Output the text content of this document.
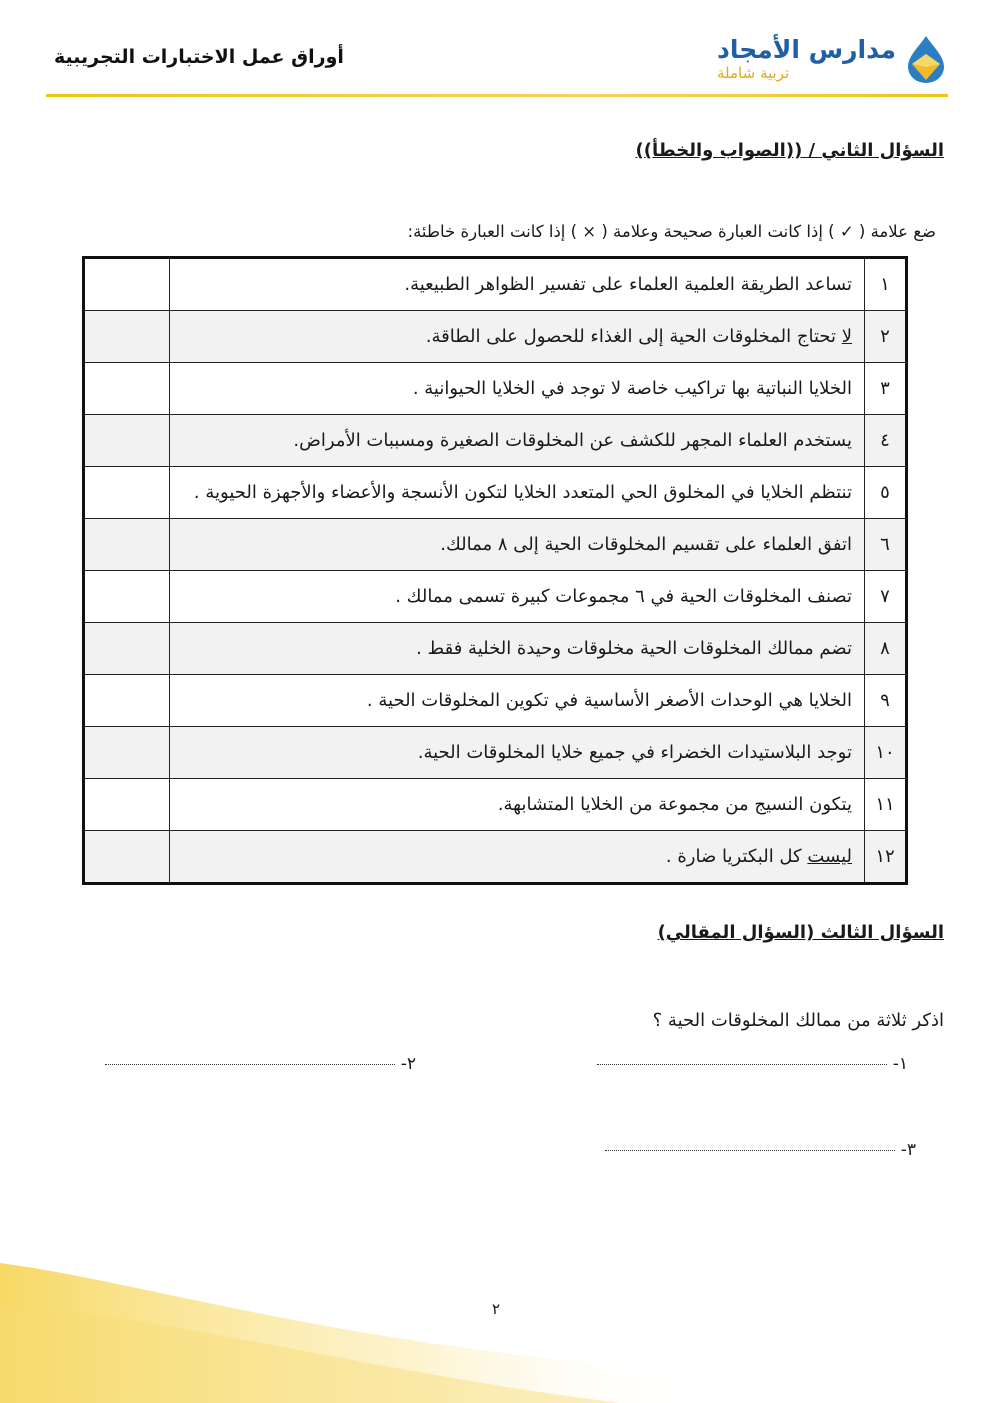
مدارس الأمجاد
تربية شاملة
أوراق عمل الاختبارات التجريبية
السؤال الثاني / ((الصواب والخطأ))
ضع علامة ( ✓ ) إذا كانت العبارة صحيحة وعلامة ( × ) إذا كانت العبارة خاطئة:
١	تساعد الطريقة العلمية العلماء على تفسير الظواهر الطبيعية.	
٢	لا تحتاج المخلوقات الحية إلى الغذاء للحصول على الطاقة.	
٣	الخلايا النباتية بها تراكيب خاصة لا توجد في الخلايا الحيوانية .	
٤	يستخدم العلماء المجهر للكشف عن المخلوقات الصغيرة ومسببات الأمراض.	
٥	تنتظم الخلايا في المخلوق الحي المتعدد الخلايا لتكون الأنسجة والأعضاء والأجهزة الحيوية .	
٦	اتفق العلماء على تقسيم المخلوقات الحية إلى ٨ ممالك.	
٧	تصنف المخلوقات الحية في ٦ مجموعات كبيرة تسمى ممالك .	
٨	تضم ممالك المخلوقات الحية مخلوقات وحيدة الخلية فقط .	
٩	الخلايا هي الوحدات الأصغر الأساسية في تكوين المخلوقات الحية .	
١٠	توجد البلاستيدات الخضراء في جميع خلايا المخلوقات الحية.	
١١	يتكون النسيج من مجموعة من الخلايا المتشابهة.	
١٢	ليست كل البكتريا ضارة .	
السؤال الثالث (السؤال المقالي)
اذكر ثلاثة من ممالك المخلوقات الحية ؟
١-
٢-
٣-
٢
